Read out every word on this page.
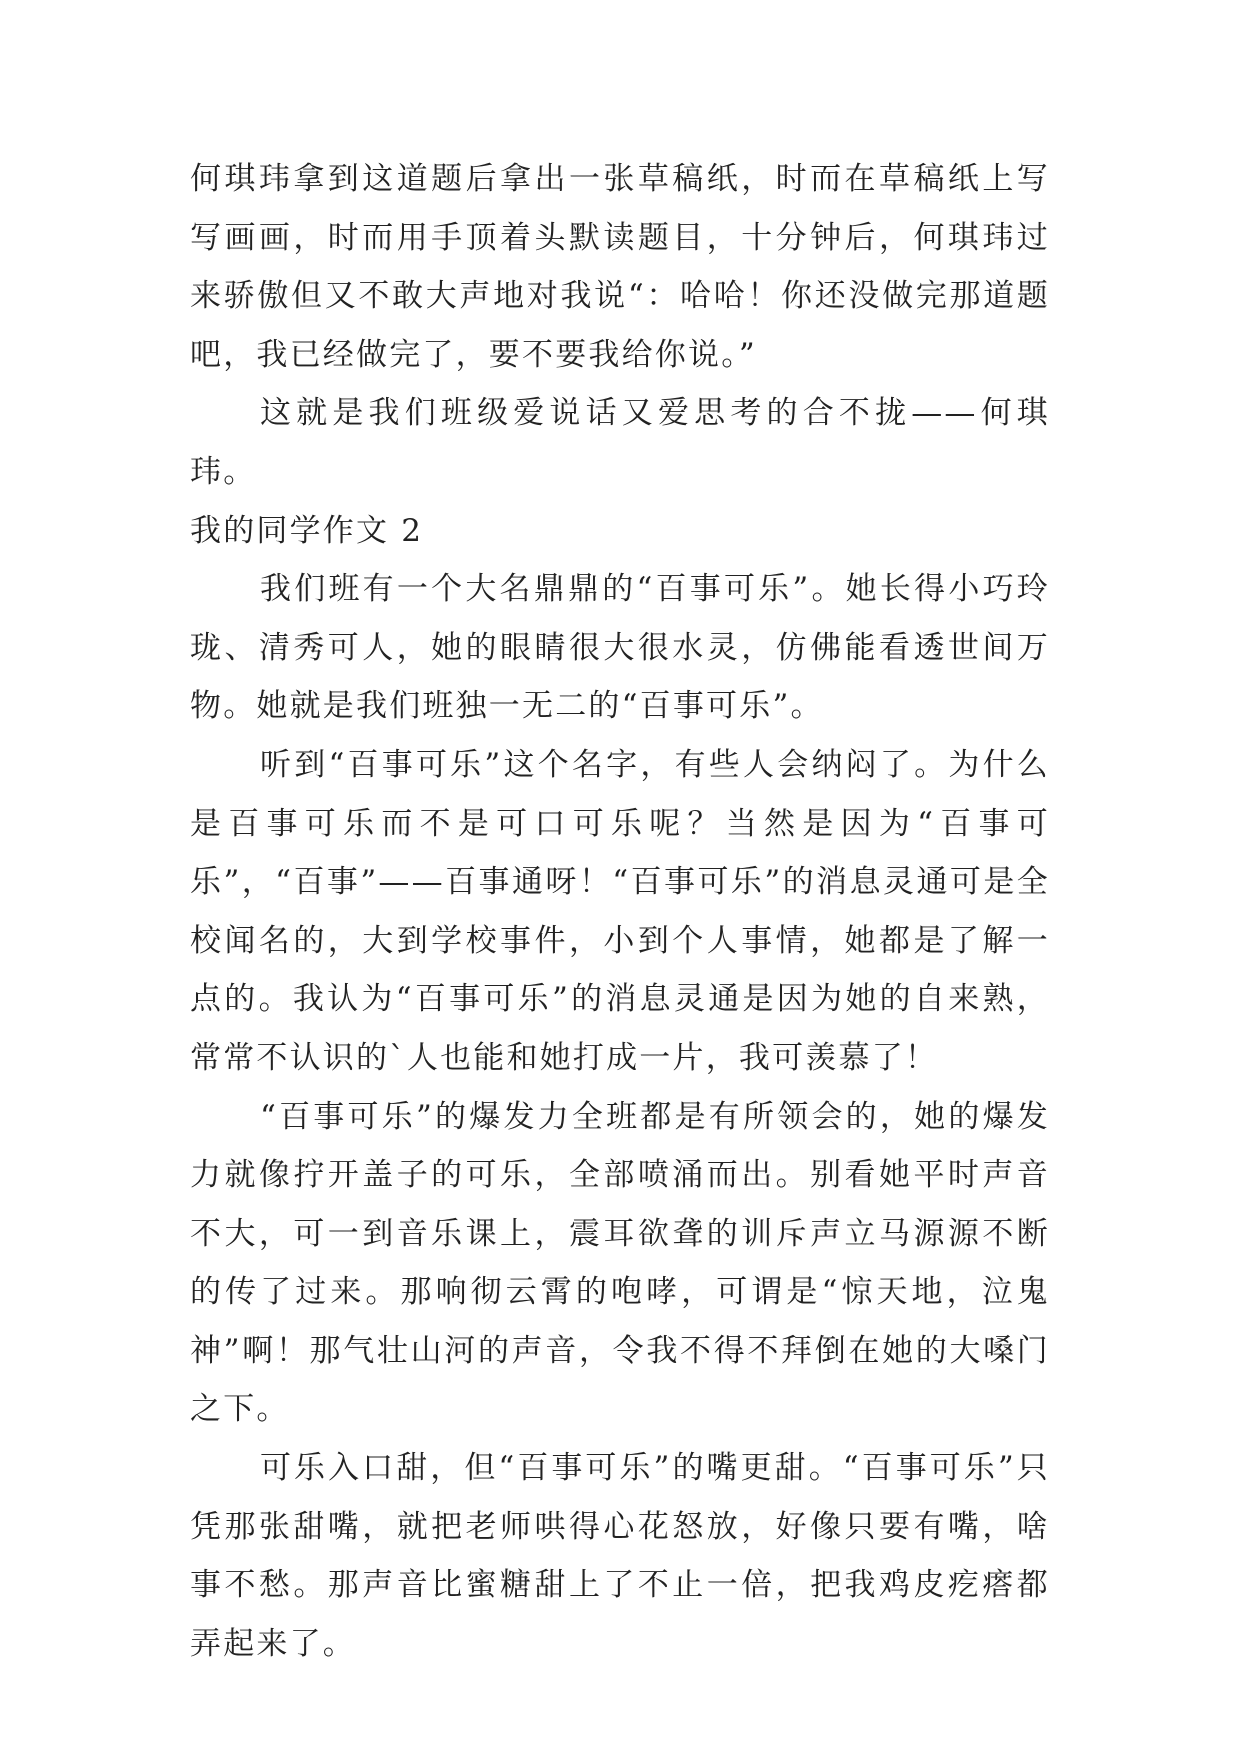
何琪玮拿到这道题后拿出一张草稿纸，时而在草稿纸上写写画画，时而用手顶着头默读题目，十分钟后，何琪玮过来骄傲但又不敢大声地对我说“：哈哈！你还没做完那道题吧，我已经做完了，要不要我给你说。”

这就是我们班级爱说话又爱思考的合不拢——何琪玮。

我的同学作文 2

我们班有一个大名鼎鼎的“百事可乐”。她长得小巧玲珑、清秀可人，她的眼睛很大很水灵，仿佛能看透世间万物。她就是我们班独一无二的“百事可乐”。

听到“百事可乐”这个名字，有些人会纳闷了。为什么是百事可乐而不是可口可乐呢？当然是因为“百事可乐”，“百事”——百事通呀！“百事可乐”的消息灵通可是全校闻名的，大到学校事件，小到个人事情，她都是了解一点的。我认为“百事可乐”的消息灵通是因为她的自来熟，常常不认识的`人也能和她打成一片，我可羡慕了！

“百事可乐”的爆发力全班都是有所领会的，她的爆发力就像拧开盖子的可乐，全部喷涌而出。别看她平时声音不大，可一到音乐课上，震耳欲聋的训斥声立马源源不断的传了过来。那响彻云霄的咆哮，可谓是“惊天地，泣鬼神”啊！那气壮山河的声音，令我不得不拜倒在她的大嗓门之下。

可乐入口甜，但“百事可乐”的嘴更甜。“百事可乐”只凭那张甜嘴，就把老师哄得心花怒放，好像只要有嘴，啥事不愁。那声音比蜜糖甜上了不止一倍，把我鸡皮疙瘩都弄起来了。
